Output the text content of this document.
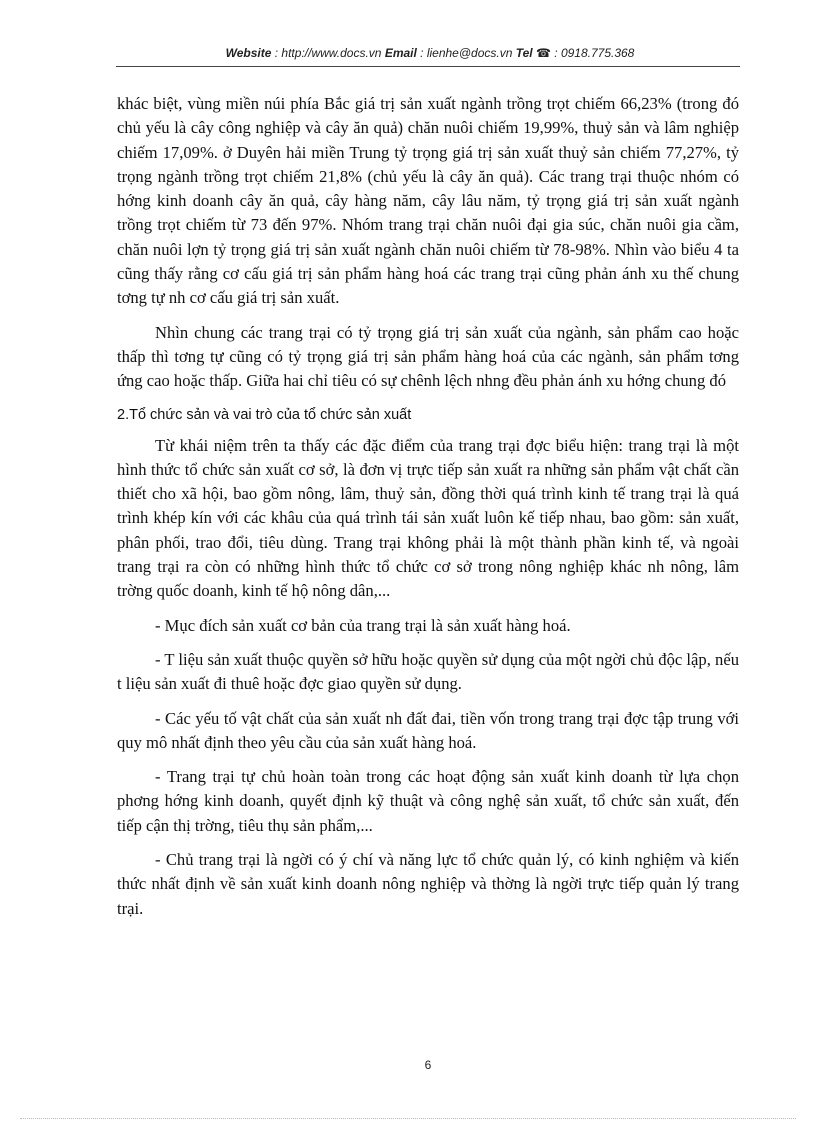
Website : http://www.docs.vn Email : lienhe@docs.vn Tel ☎ : 0918.775.368

khác biệt, vùng miền núi phía Bắc giá trị sản xuất ngành trồng trọt chiếm 66,23% (trong đó chủ yếu là cây công nghiệp và cây ăn quả) chăn nuôi chiếm 19,99%, thuỷ sản và lâm nghiệp chiếm 17,09%. ở Duyên hải miền Trung tỷ trọng giá trị sản xuất thuỷ sản chiếm 77,27%, tỷ trọng ngành trồng trọt chiếm 21,8% (chủ yếu là cây ăn quả). Các trang trại thuộc nhóm có hớng kinh doanh cây ăn quả, cây hàng năm, cây lâu năm, tỷ trọng giá trị sản xuất ngành trồng trọt chiếm từ 73 đến 97%. Nhóm trang trại chăn nuôi đại gia súc, chăn nuôi gia cầm, chăn nuôi lợn tỷ trọng giá trị sản xuất ngành chăn nuôi chiếm từ 78-98%. Nhìn vào biểu 4 ta cũng thấy rằng cơ cấu giá trị sản phẩm hàng hoá các trang trại cũng phản ánh xu thế chung tơng tự nh cơ cấu giá trị sản xuất.

Nhìn chung các trang trại có tỷ trọng giá trị sản xuất của ngành, sản phẩm cao hoặc thấp thì tơng tự cũng có tỷ trọng giá trị sản phẩm hàng hoá của các ngành, sản phẩm tơng ứng cao hoặc thấp. Giữa hai chỉ tiêu có sự chênh lệch nhng đều phản ánh xu hớng chung đó

2.Tổ chức sản và vai trò của tổ chức sản xuất

Từ khái niệm trên ta thấy các đặc điểm của trang trại đợc biểu hiện: trang trại là một hình thức tổ chức sản xuất cơ sở, là đơn vị trực tiếp sản xuất ra những sản phẩm vật chất cần thiết cho xã hội, bao gồm nông, lâm, thuỷ sản, đồng thời quá trình kinh tế trang trại là quá trình khép kín với các khâu của quá trình tái sản xuất luôn kế tiếp nhau, bao gồm: sản xuất, phân phối, trao đổi, tiêu dùng. Trang trại không phải là một thành phần kinh tế, và ngoài trang trại ra còn có những hình thức tổ chức cơ sở trong nông nghiệp khác nh nông, lâm trờng quốc doanh, kinh tế hộ nông dân,...

- Mục đích sản xuất cơ bản của trang trại là sản xuất hàng hoá.

- T liệu sản xuất thuộc quyền sở hữu hoặc quyền sử dụng của một ngời chủ độc lập, nếu t liệu sản xuất đi thuê hoặc đợc giao quyền sử dụng.

- Các yếu tố vật chất của sản xuất nh đất đai, tiền vốn trong trang trại đợc tập trung với quy mô nhất định theo yêu cầu của sản xuất hàng hoá.

- Trang trại tự chủ hoàn toàn trong các hoạt động sản xuất kinh doanh từ lựa chọn phơng hớng kinh doanh, quyết định kỹ thuật và công nghệ sản xuất, tổ chức sản xuất, đến tiếp cận thị trờng, tiêu thụ sản phẩm,...

- Chủ trang trại là ngời có ý chí và năng lực tổ chức quản lý, có kinh nghiệm và kiến thức nhất định về sản xuất kinh doanh nông nghiệp và thờng là ngời trực tiếp quản lý trang trại.

6
